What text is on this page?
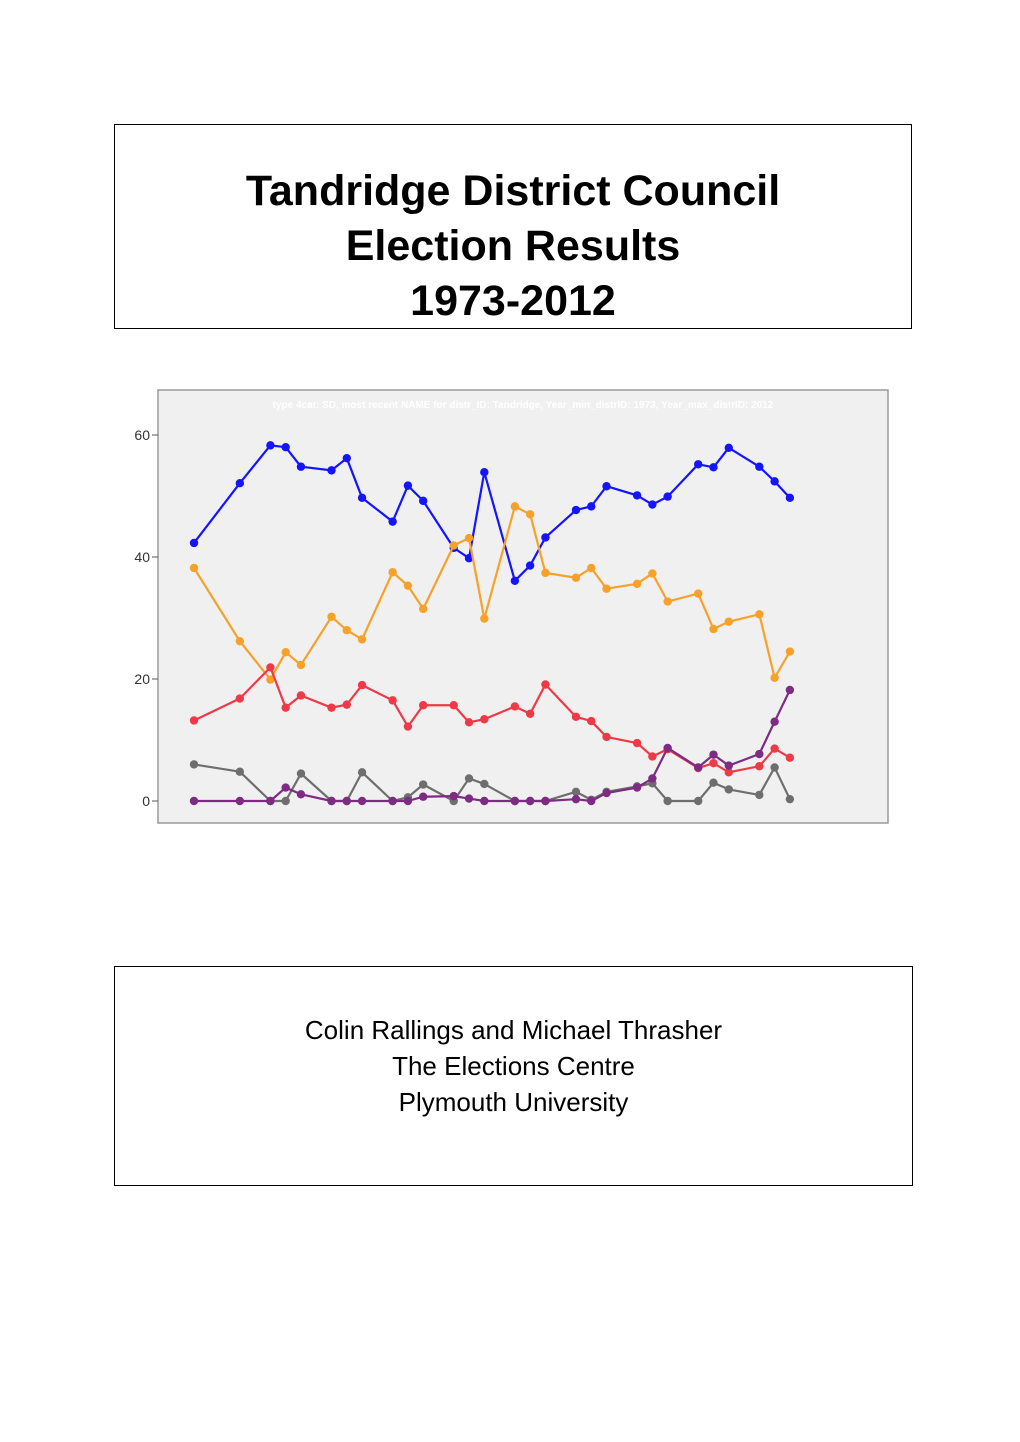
Tandridge District Council
Election Results
1973-2012
type 4cat: SD, most recent NAME for distr_ID: Tandridge, Year_min_distrID: 1973, Year_max_distrID: 2012
0
20
40
60
Colin Rallings and Michael Thrasher
The Elections Centre
Plymouth University
